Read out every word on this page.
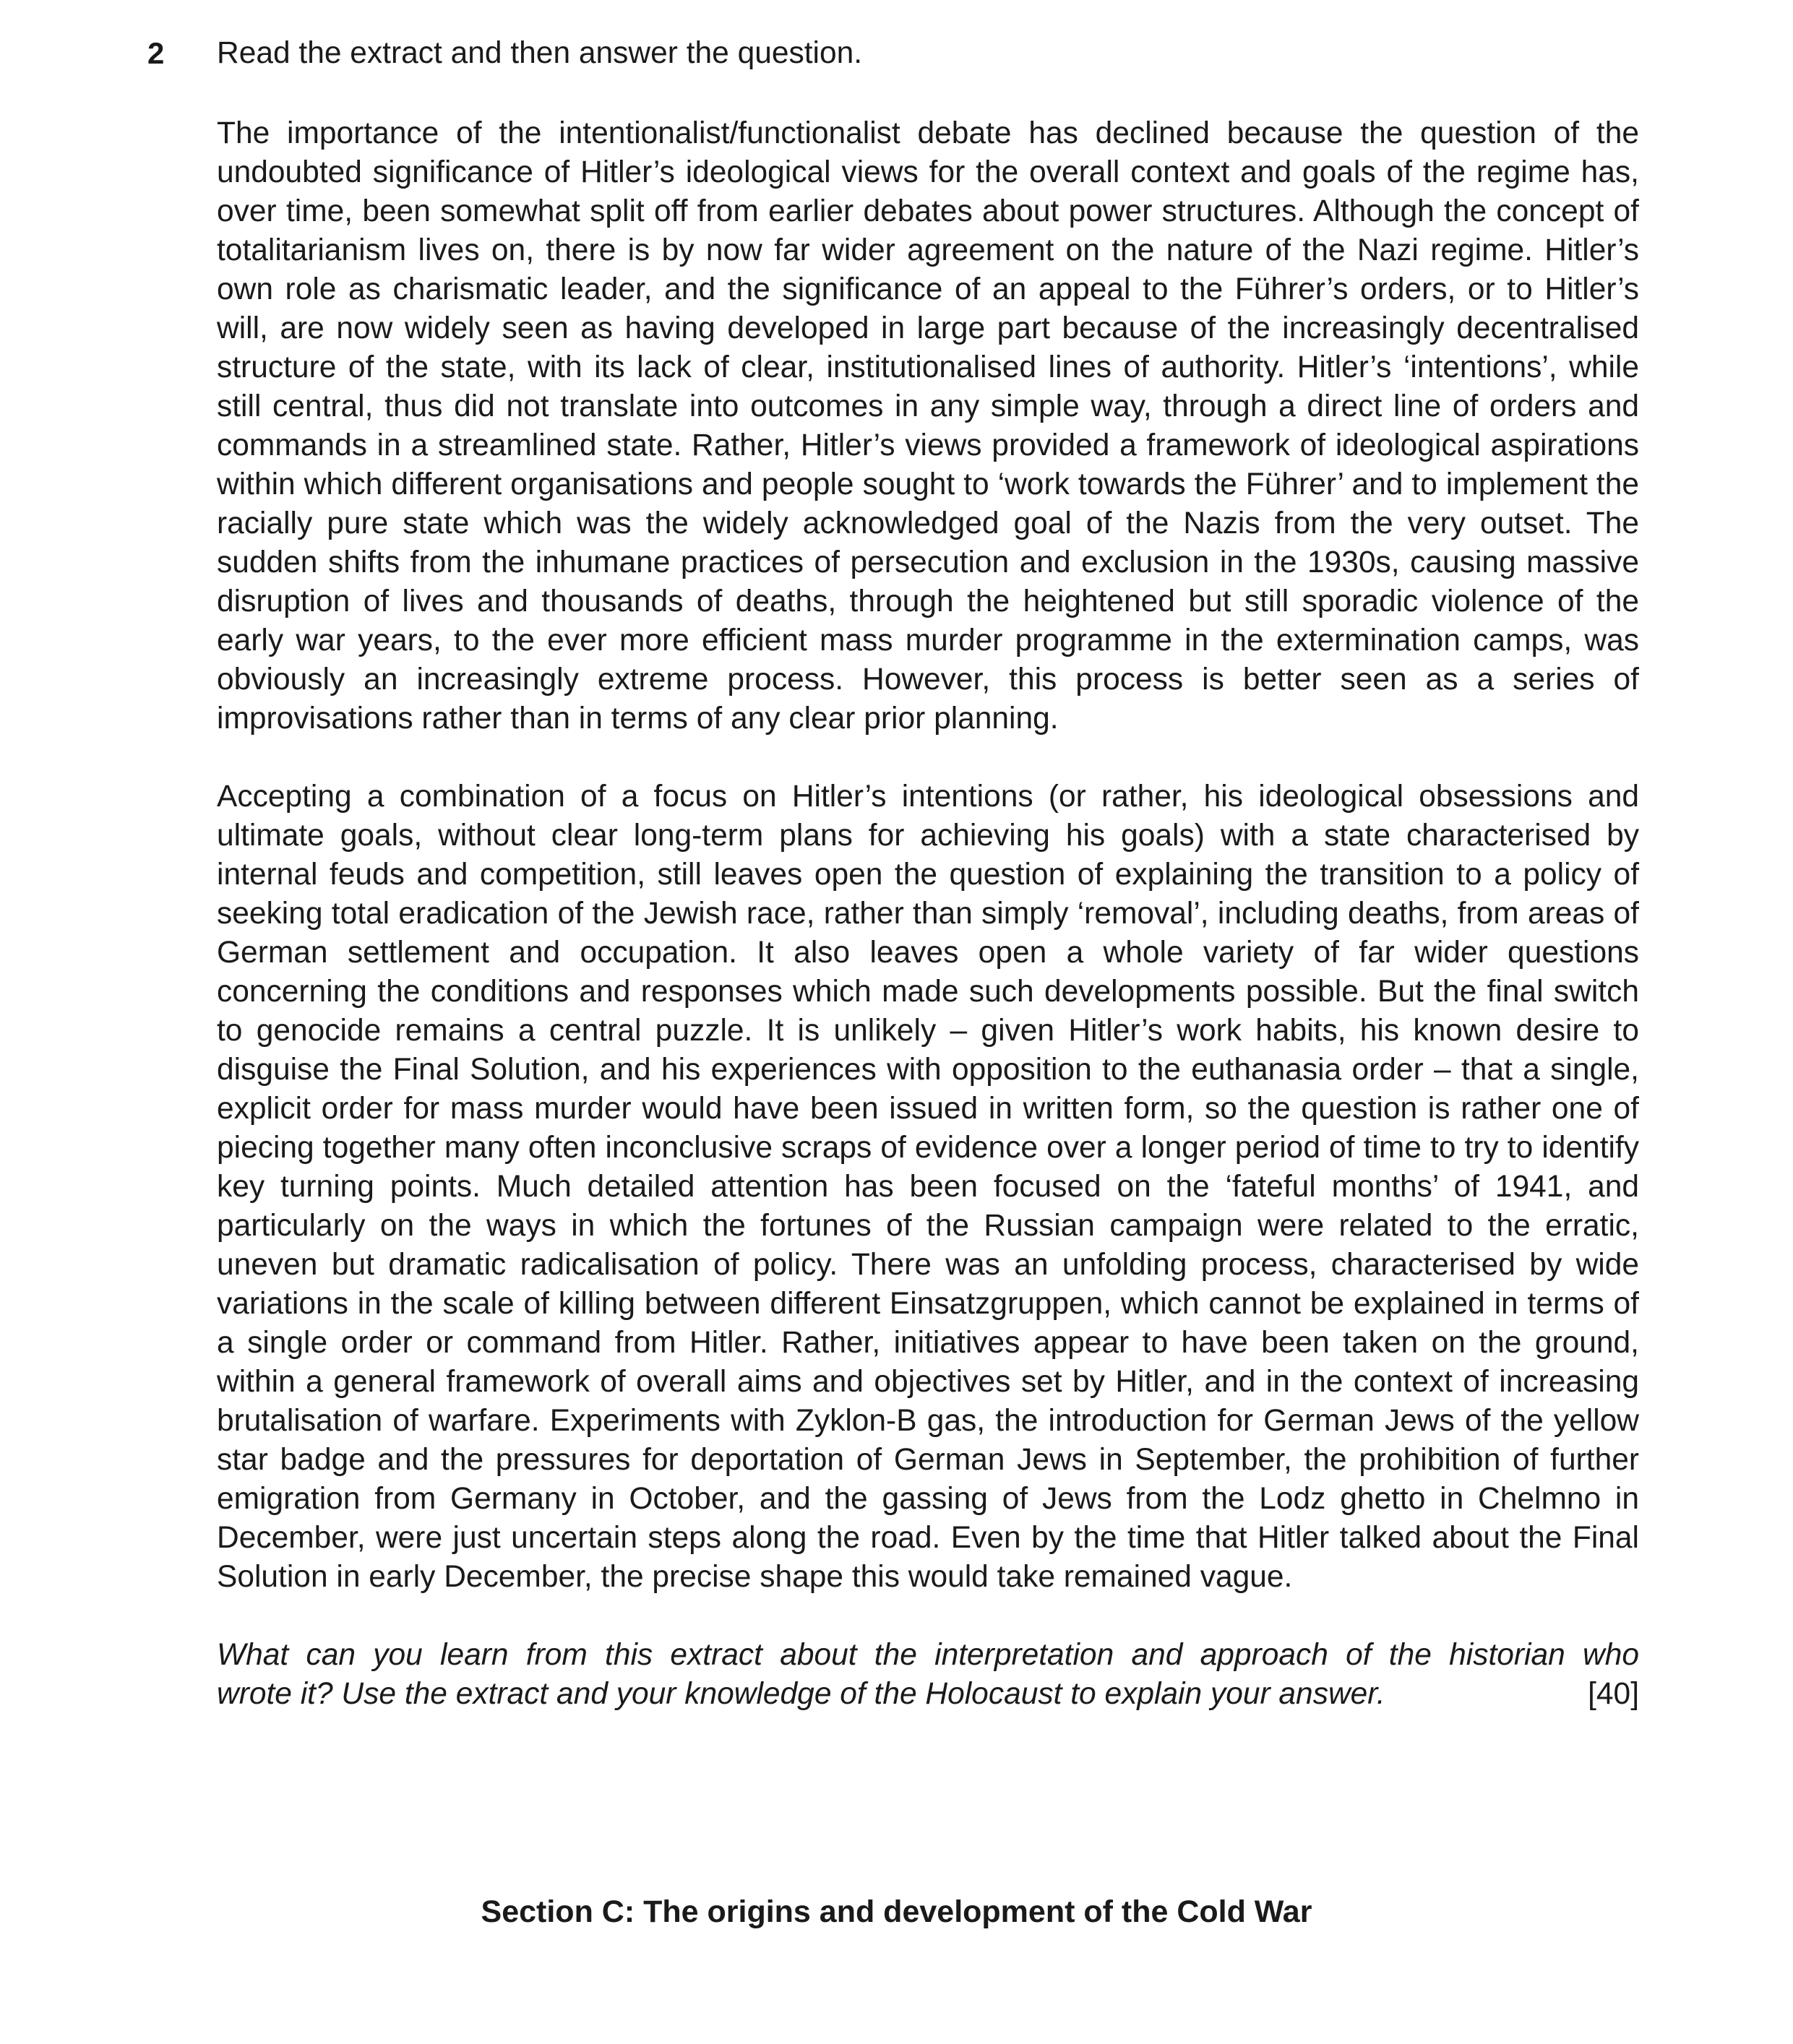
2 Read the extract and then answer the question.

The importance of the intentionalist/functionalist debate has declined because the question of the undoubted significance of Hitler’s ideological views for the overall context and goals of the regime has, over time, been somewhat split off from earlier debates about power structures. Although the concept of totalitarianism lives on, there is by now far wider agreement on the nature of the Nazi regime. Hitler’s own role as charismatic leader, and the significance of an appeal to the Führer’s orders, or to Hitler’s will, are now widely seen as having developed in large part because of the increasingly decentralised structure of the state, with its lack of clear, institutionalised lines of authority. Hitler’s ‘intentions’, while still central, thus did not translate into outcomes in any simple way, through a direct line of orders and commands in a streamlined state. Rather, Hitler’s views provided a framework of ideological aspirations within which different organisations and people sought to ‘work towards the Führer’ and to implement the racially pure state which was the widely acknowledged goal of the Nazis from the very outset. The sudden shifts from the inhumane practices of persecution and exclusion in the 1930s, causing massive disruption of lives and thousands of deaths, through the heightened but still sporadic violence of the early war years, to the ever more efficient mass murder programme in the extermination camps, was obviously an increasingly extreme process. However, this process is better seen as a series of improvisations rather than in terms of any clear prior planning.

Accepting a combination of a focus on Hitler’s intentions (or rather, his ideological obsessions and ultimate goals, without clear long-term plans for achieving his goals) with a state characterised by internal feuds and competition, still leaves open the question of explaining the transition to a policy of seeking total eradication of the Jewish race, rather than simply ‘removal’, including deaths, from areas of German settlement and occupation. It also leaves open a whole variety of far wider questions concerning the conditions and responses which made such developments possible. But the final switch to genocide remains a central puzzle. It is unlikely – given Hitler’s work habits, his known desire to disguise the Final Solution, and his experiences with opposition to the euthanasia order – that a single, explicit order for mass murder would have been issued in written form, so the question is rather one of piecing together many often inconclusive scraps of evidence over a longer period of time to try to identify key turning points. Much detailed attention has been focused on the ‘fateful months’ of 1941, and particularly on the ways in which the fortunes of the Russian campaign were related to the erratic, uneven but dramatic radicalisation of policy. There was an unfolding process, characterised by wide variations in the scale of killing between different Einsatzgruppen, which cannot be explained in terms of a single order or command from Hitler. Rather, initiatives appear to have been taken on the ground, within a general framework of overall aims and objectives set by Hitler, and in the context of increasing brutalisation of warfare. Experiments with Zyklon-B gas, the introduction for German Jews of the yellow star badge and the pressures for deportation of German Jews in September, the prohibition of further emigration from Germany in October, and the gassing of Jews from the Lodz ghetto in Chelmno in December, were just uncertain steps along the road. Even by the time that Hitler talked about the Final Solution in early December, the precise shape this would take remained vague.

What can you learn from this extract about the interpretation and approach of the historian who
wrote it? Use the extract and your knowledge of the Holocaust to explain your answer.	[40]
Section C: The origins and development of the Cold War
